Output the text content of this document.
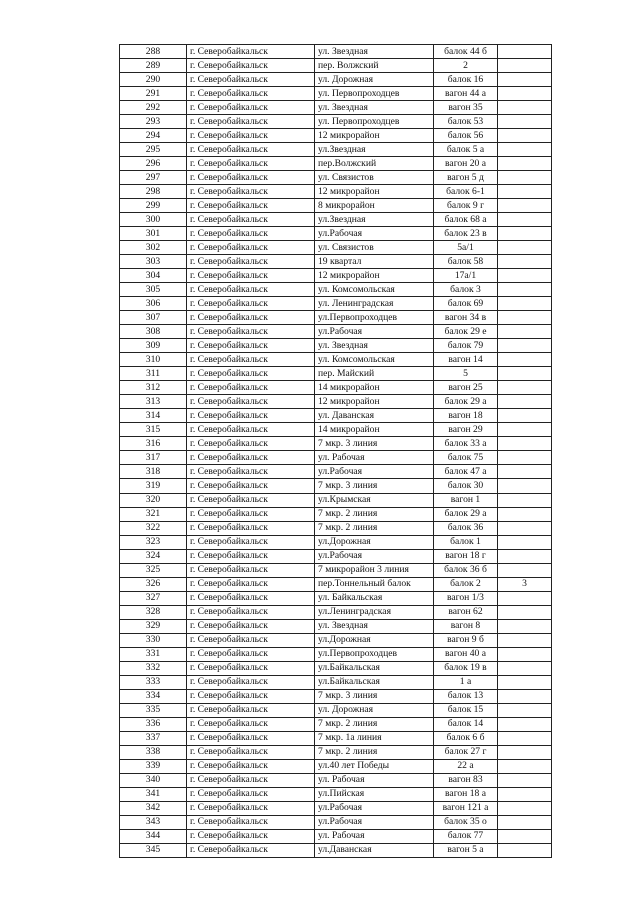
288	г. Северобайкальск	ул. Звездная	балок 44 б	
289	г. Северобайкальск	пер. Волжский	2	
290	г. Северобайкальск	ул. Дорожная	балок 16	
291	г. Северобайкальск	ул. Первопроходцев	вагон 44 а	
292	г. Северобайкальск	ул. Звездная	вагон 35	
293	г. Северобайкальск	ул. Первопроходцев	балок 53	
294	г. Северобайкальск	12 микрорайон	балок 56	
295	г. Северобайкальск	ул.Звездная	балок 5 а	
296	г. Северобайкальск	пер.Волжский	вагон 20 а	
297	г. Северобайкальск	ул. Связистов	вагон 5 д	
298	г. Северобайкальск	12 микрорайон	балок 6-1	
299	г. Северобайкальск	8 микрорайон	балок 9 г	
300	г. Северобайкальск	ул.Звездная	балок 68 а	
301	г. Северобайкальск	ул.Рабочая	балок 23 в	
302	г. Северобайкальск	ул. Связистов	5а/1	
303	г. Северобайкальск	19 квартал	балок 58	
304	г. Северобайкальск	12 микрорайон	17а/1	
305	г. Северобайкальск	ул. Комсомольская	балок 3	
306	г. Северобайкальск	ул. Ленинградская	балок 69	
307	г. Северобайкальск	ул.Первопроходцев	вагон 34 в	
308	г. Северобайкальск	ул.Рабочая	балок 29 е	
309	г. Северобайкальск	ул. Звездная	балок 79	
310	г. Северобайкальск	ул. Комсомольская	вагон 14	
311	г. Северобайкальск	пер. Майский	5	
312	г. Северобайкальск	14 микрорайон	вагон 25	
313	г. Северобайкальск	12 микрорайон	балок 29 а	
314	г. Северобайкальск	ул. Даванская	вагон 18	
315	г. Северобайкальск	14 микрорайон	вагон 29	
316	г. Северобайкальск	7 мкр. 3 линия	балок 33 а	
317	г. Северобайкальск	ул. Рабочая	балок 75	
318	г. Северобайкальск	ул.Рабочая	балок 47 а	
319	г. Северобайкальск	7 мкр. 3 линия	балок 30	
320	г. Северобайкальск	ул.Крымская	вагон 1	
321	г. Северобайкальск	7 мкр. 2 линия	балок 29 а	
322	г. Северобайкальск	7 мкр. 2 линия	балок 36	
323	г. Северобайкальск	ул.Дорожная	балок 1	
324	г. Северобайкальск	ул.Рабочая	вагон 18 г	
325	г. Северобайкальск	7 микрорайон 3 линия	балок 36 б	
326	г. Северобайкальск	пер.Тоннельный балок	балок 2	3
327	г. Северобайкальск	ул. Байкальская	вагон 1/3	
328	г. Северобайкальск	ул.Ленинградская	вагон 62	
329	г. Северобайкальск	ул. Звездная	вагон 8	
330	г. Северобайкальск	ул.Дорожная	вагон 9 б	
331	г. Северобайкальск	ул.Первопроходцев	вагон 40 а	
332	г. Северобайкальск	ул.Байкальская	балок 19 в	
333	г. Северобайкальск	ул.Байкальская	1 а	
334	г. Северобайкальск	7 мкр. 3 линия	балок 13	
335	г. Северобайкальск	ул. Дорожная	балок 15	
336	г. Северобайкальск	7 мкр. 2 линия	балок 14	
337	г. Северобайкальск	7 мкр. 1а линия	балок 6 б	
338	г. Северобайкальск	7 мкр. 2 линия	балок 27 г	
339	г. Северобайкальск	ул.40 лет Победы	22 а	
340	г. Северобайкальск	ул. Рабочая	вагон 83	
341	г. Северобайкальск	ул.Пийская	вагон 18 а	
342	г. Северобайкальск	ул.Рабочая	вагон 121 а	
343	г. Северобайкальск	ул.Рабочая	балок 35 о	
344	г. Северобайкальск	ул. Рабочая	балок 77	
345	г. Северобайкальск	ул.Даванская	вагон 5 а	
